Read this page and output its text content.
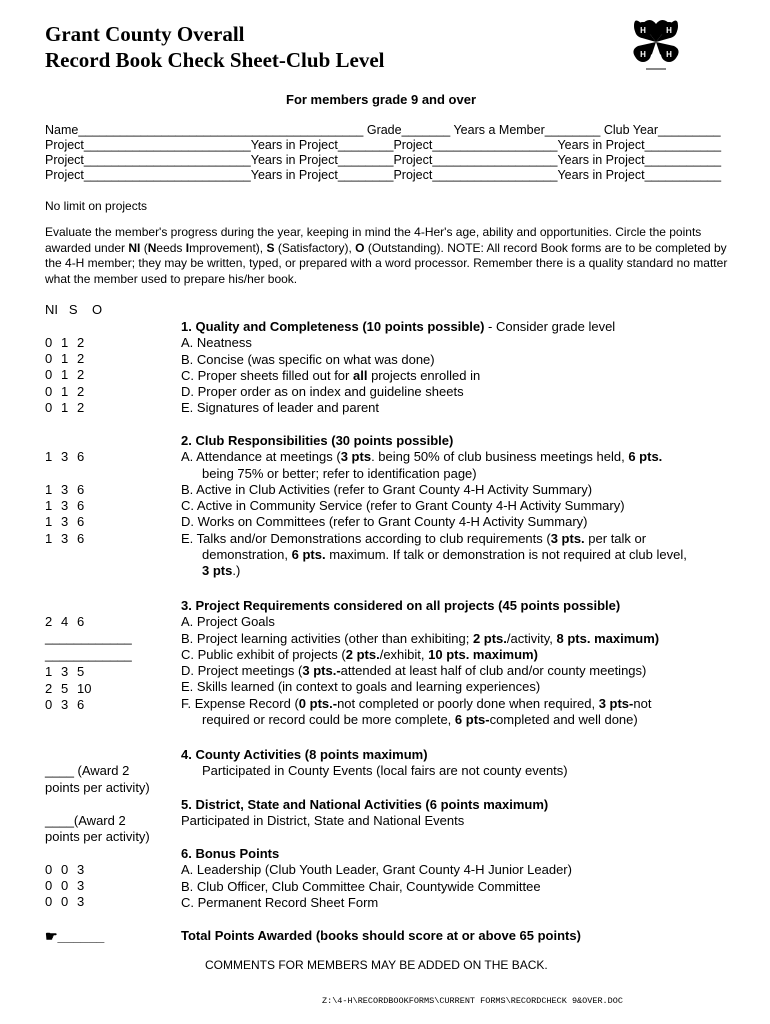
Grant County Overall
Record Book Check Sheet-Club Level
H	H
H	H
For members grade 9 and over
Name_________________________________________ Grade_______ Years a Member________ Club Year_________
Project________________________Years in Project________Project__________________Years in Project___________
Project________________________Years in Project________Project__________________Years in Project___________
Project________________________Years in Project________Project__________________Years in Project___________
No limit on projects
Evaluate the member's progress during the year, keeping in mind the 4-Her's age, ability and opportunities. Circle the points awarded under NI (Needs Improvement), S (Satisfactory), O (Outstanding). NOTE: All record Book forms are to be completed by the 4-H member; they may be written, typed, or prepared with a word processor. Remember there is a quality standard no matter what the member used to prepare his/her book.
NI   S    O
0 1 2
0 1 2
0 1 2
0 1 2
0 1 2
1 3 6
1 3 6
1 3 6
1 3 6
1 3 6
2 4 6
____________
____________
1 3 5
2 5 10
0 3 6
____ (Award 2
points per activity)
____(Award 2
points per activity)
0 0 3
0 0 3
0 0 3
☛______
1. Quality and Completeness (10 points possible) - Consider grade level
A. Neatness
B. Concise (was specific on what was done)
C. Proper sheets filled out for all projects enrolled in
D. Proper order as on index and guideline sheets
E. Signatures of leader and parent
2. Club Responsibilities (30 points possible)
A. Attendance at meetings (3 pts. being 50% of club business meetings held, 6 pts.
being 75% or better; refer to identification page)
B. Active in Club Activities (refer to Grant County 4-H Activity Summary)
C. Active in Community Service (refer to Grant County 4-H Activity Summary)
D. Works on Committees (refer to Grant County 4-H Activity Summary)
E. Talks and/or Demonstrations according to club requirements (3 pts. per talk or
demonstration, 6 pts. maximum. If talk or demonstration is not required at club level,
3 pts.)
3. Project Requirements considered on all projects (45 points possible)
A. Project Goals
B. Project learning activities (other than exhibiting; 2 pts./activity, 8 pts. maximum)
C. Public exhibit of projects (2 pts./exhibit, 10 pts. maximum)
D. Project meetings (3 pts.-attended at least half of club and/or county meetings)
E. Skills learned (in context to goals and learning experiences)
F. Expense Record (0 pts.-not completed or poorly done when required, 3 pts-not
required or record could be more complete, 6 pts-completed and well done)
4. County Activities (8 points maximum)
Participated in County Events (local fairs are not county events)
5. District, State and National Activities (6 points maximum)
Participated in District, State and National Events
6. Bonus Points
A. Leadership (Club Youth Leader, Grant County 4-H Junior Leader)
B. Club Officer, Club Committee Chair, Countywide Committee
C. Permanent Record Sheet Form
Total Points Awarded (books should score at or above 65 points)
COMMENTS FOR MEMBERS MAY BE ADDED ON THE BACK.
Z:\4-H\RECORDBOOKFORMS\CURRENT FORMS\RECORDCHECK 9&OVER.DOC
